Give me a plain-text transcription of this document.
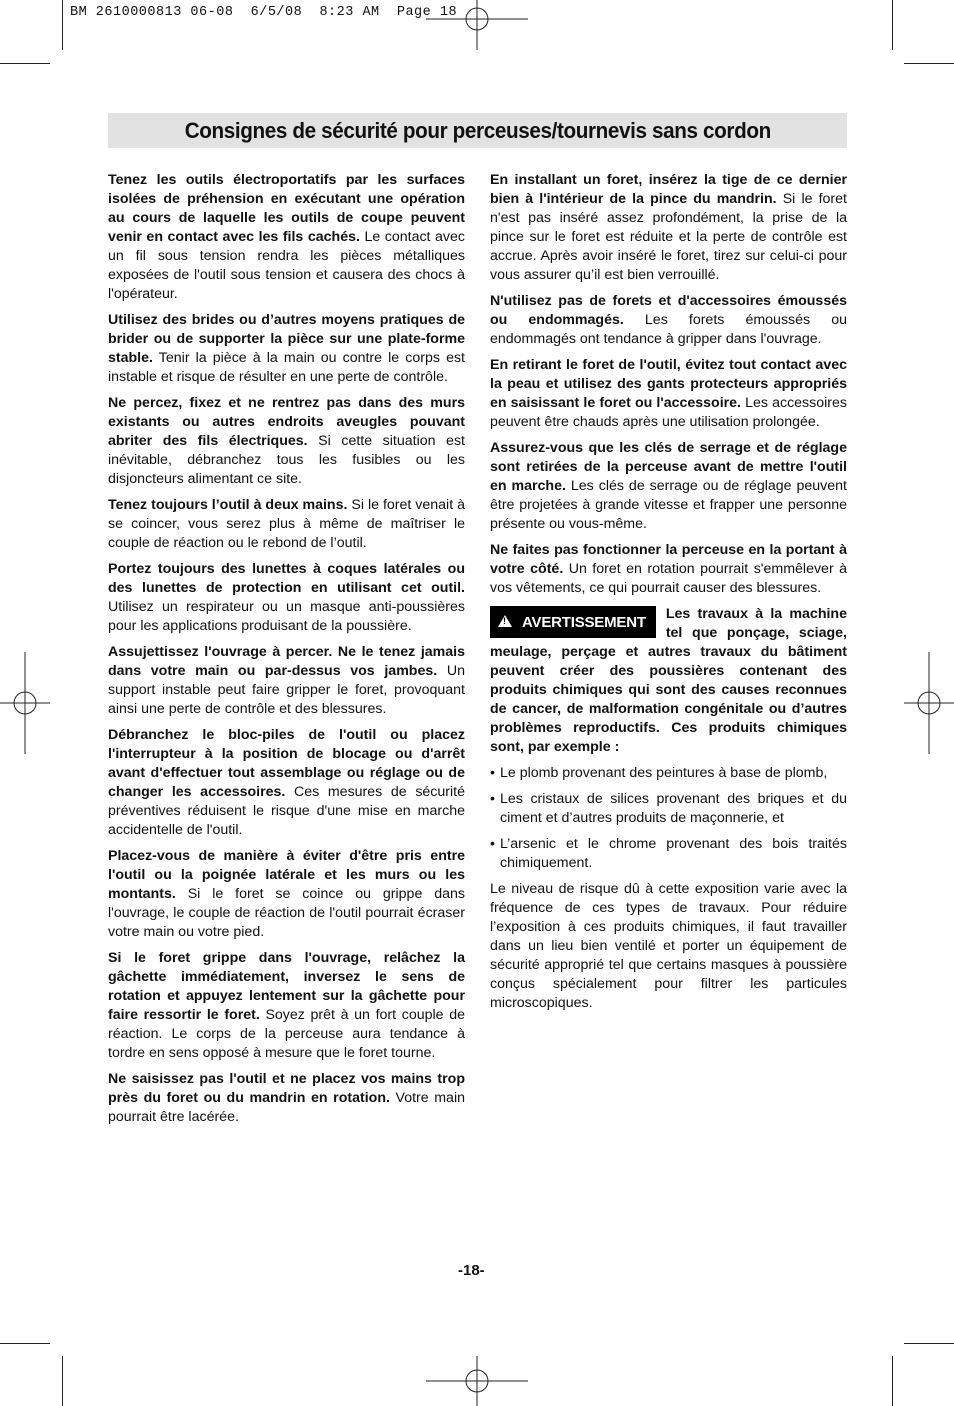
BM 2610000813 06-08  6/5/08  8:23 AM  Page 18
Consignes de sécurité pour perceuses/tournevis sans cordon

Tenez les outils électroportatifs par les surfaces isolées de préhension en exécutant une opération au cours de laquelle les outils de coupe peuvent venir en contact avec les fils cachés. Le contact avec un fil sous tension rendra les pièces métalliques exposées de l'outil sous tension et causera des chocs à l'opérateur.

Utilisez des brides ou d’autres moyens pratiques de brider ou de supporter la pièce sur une plate-forme stable. Tenir la pièce à la main ou contre le corps est instable et risque de résulter en une perte de contrôle.

Ne percez, fixez et ne rentrez pas dans des murs existants ou autres endroits aveugles pouvant abriter des fils électriques. Si cette situation est inévitable, débranchez tous les fusibles ou les disjoncteurs alimentant ce site.

Tenez toujours l’outil à deux mains. Si le foret venait à se coincer, vous serez plus à même de maîtriser le couple de réaction ou le rebond de l’outil.

Portez toujours des lunettes à coques latérales ou des lunettes de protection en utilisant cet outil. Utilisez un respirateur ou un masque anti-poussières pour les applications produisant de la poussière.

Assujettissez l'ouvrage à percer. Ne le tenez jamais dans votre main ou par-dessus vos jambes. Un support instable peut faire gripper le foret, provoquant ainsi une perte de contrôle et des blessures.

Débranchez le bloc-piles de l'outil ou placez l'interrupteur à la position de blocage ou d'arrêt avant d'effectuer tout assemblage ou réglage ou de changer les accessoires. Ces mesures de sécurité préventives réduisent le risque d'une mise en marche accidentelle de l'outil.

Placez-vous de manière à éviter d'être pris entre l'outil ou la poignée latérale et les murs ou les montants. Si le foret se coince ou grippe dans l'ouvrage, le couple de réaction de l'outil pourrait écraser votre main ou votre pied.

Si le foret grippe dans l'ouvrage, relâchez la gâchette immédiatement, inversez le sens de rotation et appuyez lentement sur la gâchette pour faire ressortir le foret. Soyez prêt à un fort couple de réaction. Le corps de la perceuse aura tendance à tordre en sens opposé à mesure que le foret tourne.

Ne saisissez pas l'outil et ne placez vos mains trop près du foret ou du mandrin en rotation. Votre main pourrait être lacérée.

En installant un foret, insérez la tige de ce dernier bien à l'intérieur de la pince du mandrin. Si le foret n'est pas inséré assez profondément, la prise de la pince sur le foret est réduite et la perte de contrôle est accrue. Après avoir inséré le foret, tirez sur celui-ci pour vous assurer qu’il est bien verrouillé.

N'utilisez pas de forets et d'accessoires émoussés ou endommagés. Les forets émoussés ou endommagés ont tendance à gripper dans l'ouvrage.

En retirant le foret de l'outil, évitez tout contact avec la peau et utilisez des gants protecteurs appropriés en saisissant le foret ou l'accessoire. Les accessoires peuvent être chauds après une utilisation prolongée.

Assurez-vous que les clés de serrage et de réglage sont retirées de la perceuse avant de mettre l'outil en marche. Les clés de serrage ou de réglage peuvent être projetées à grande vitesse et frapper une personne présente ou vous-même.

Ne faites pas fonctionner la perceuse en la portant à votre côté. Un foret en rotation pourrait s'emmêlever à vos vêtements, ce qui pourrait causer des blessures.

!
AVERTISSEMENT Les travaux à la machine tel que ponçage, sciage, meulage, perçage et autres travaux du bâtiment peuvent créer des poussières contenant des produits chimiques qui sont des causes reconnues de cancer, de malformation congénitale ou d’autres problèmes reproductifs. Ces produits chimiques sont, par exemple :
• Le plomb provenant des peintures à base de plomb,
• Les cristaux de silices provenant des briques et du ciment et d’autres produits de maçonnerie, et
• L’arsenic et le chrome provenant des bois traités chimiquement.

Le niveau de risque dû à cette exposition varie avec la fréquence de ces types de travaux. Pour réduire l’exposition à ces produits chimiques, il faut travailler dans un lieu bien ventilé et porter un équipement de sécurité approprié tel que certains masques à poussière conçus spécialement pour filtrer les particules microscopiques.

-18-
